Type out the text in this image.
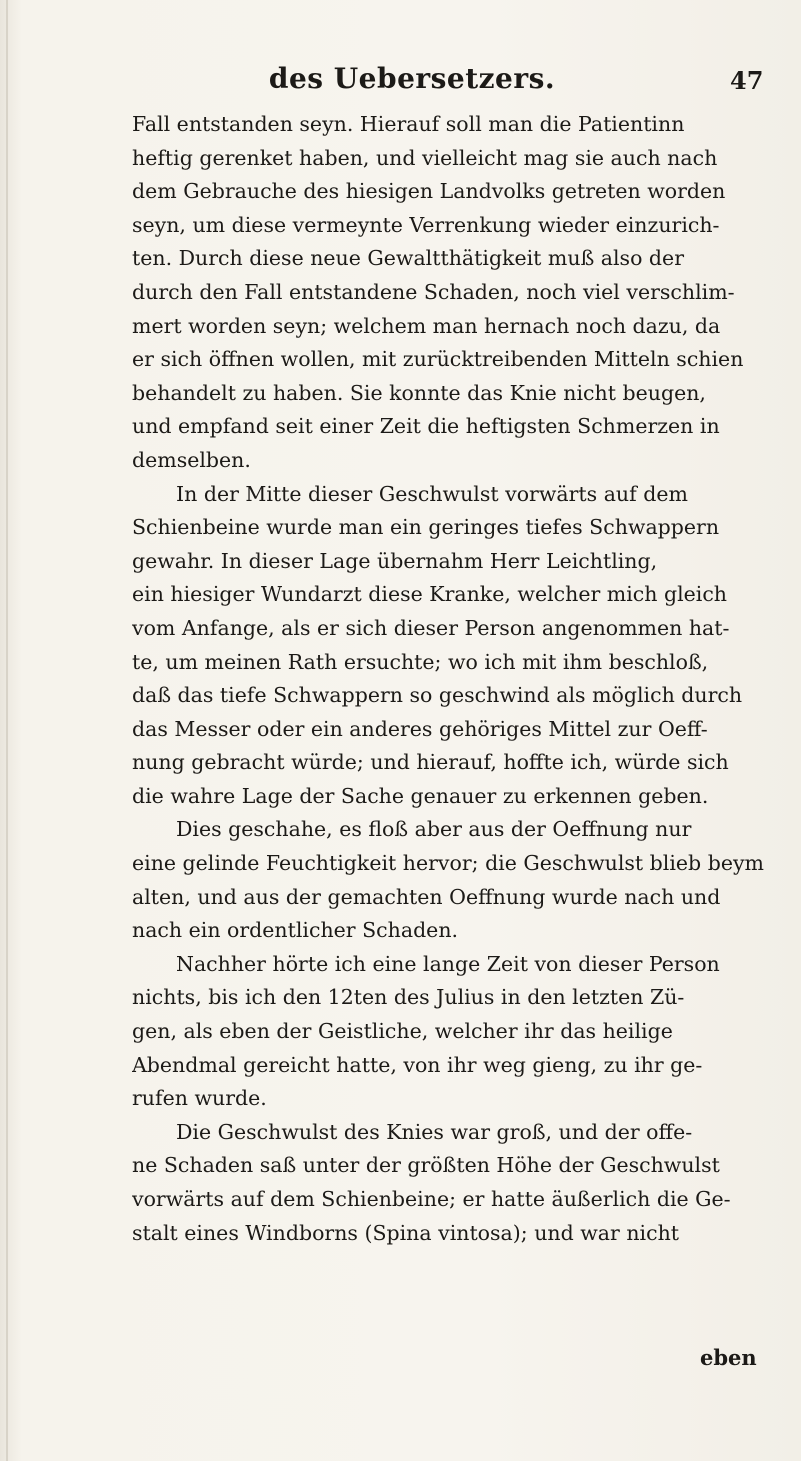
des Uebersetzers.	47
Fall entstanden seyn. Hierauf soll man die Patientinn
heftig gerenket haben, und vielleicht mag sie auch nach
dem Gebrauche des hiesigen Landvolks getreten worden
seyn, um diese vermeynte Verrenkung wieder einzurich-
ten. Durch diese neue Gewaltthätigkeit muß also der
durch den Fall entstandene Schaden, noch viel verschlim-
mert worden seyn; welchem man hernach noch dazu, da
er sich öffnen wollen, mit zurücktreibenden Mitteln schien
behandelt zu haben. Sie konnte das Knie nicht beugen,
und empfand seit einer Zeit die heftigsten Schmerzen in
demselben.
In der Mitte dieser Geschwulst vorwärts auf dem
Schienbeine wurde man ein geringes tiefes Schwappern
gewahr. In dieser Lage übernahm Herr Leichtling,
ein hiesiger Wundarzt diese Kranke, welcher mich gleich
vom Anfange, als er sich dieser Person angenommen hat-
te, um meinen Rath ersuchte; wo ich mit ihm beschloß,
daß das tiefe Schwappern so geschwind als möglich durch
das Messer oder ein anderes gehöriges Mittel zur Oeff-
nung gebracht würde; und hierauf, hoffte ich, würde sich
die wahre Lage der Sache genauer zu erkennen geben.
Dies geschahe, es floß aber aus der Oeffnung nur
eine gelinde Feuchtigkeit hervor; die Geschwulst blieb beym
alten, und aus der gemachten Oeffnung wurde nach und
nach ein ordentlicher Schaden.
Nachher hörte ich eine lange Zeit von dieser Person
nichts, bis ich den 12ten des Julius in den letzten Zü-
gen, als eben der Geistliche, welcher ihr das heilige
Abendmal gereicht hatte, von ihr weg gieng, zu ihr ge-
rufen wurde.
Die Geschwulst des Knies war groß, und der offe-
ne Schaden saß unter der größten Höhe der Geschwulst
vorwärts auf dem Schienbeine; er hatte äußerlich die Ge-
stalt eines Windborns (Spina vintosa); und war nicht
eben
